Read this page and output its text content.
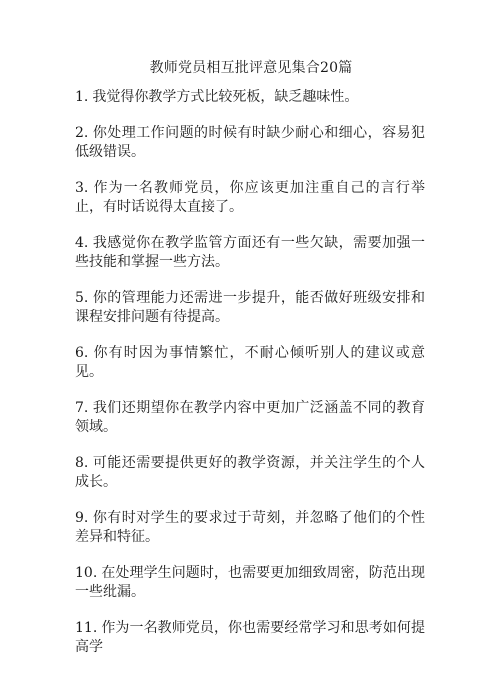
教师党员相互批评意见集合20篇
1. 我觉得你教学方式比较死板，缺乏趣味性。
2. 你处理工作问题的时候有时缺少耐心和细心，容易犯低级错误。
3. 作为一名教师党员，你应该更加注重自己的言行举止，有时话说得太直接了。
4. 我感觉你在教学监管方面还有一些欠缺，需要加强一些技能和掌握一些方法。
5. 你的管理能力还需进一步提升，能否做好班级安排和课程安排问题有待提高。
6. 你有时因为事情繁忙，不耐心倾听别人的建议或意见。
7. 我们还期望你在教学内容中更加广泛涵盖不同的教育领域。
8. 可能还需要提供更好的教学资源，并关注学生的个人成长。
9. 你有时对学生的要求过于苛刻，并忽略了他们的个性差异和特征。
10. 在处理学生问题时，也需要更加细致周密，防范出现一些纰漏。
11. 作为一名教师党员，你也需要经常学习和思考如何提高学
